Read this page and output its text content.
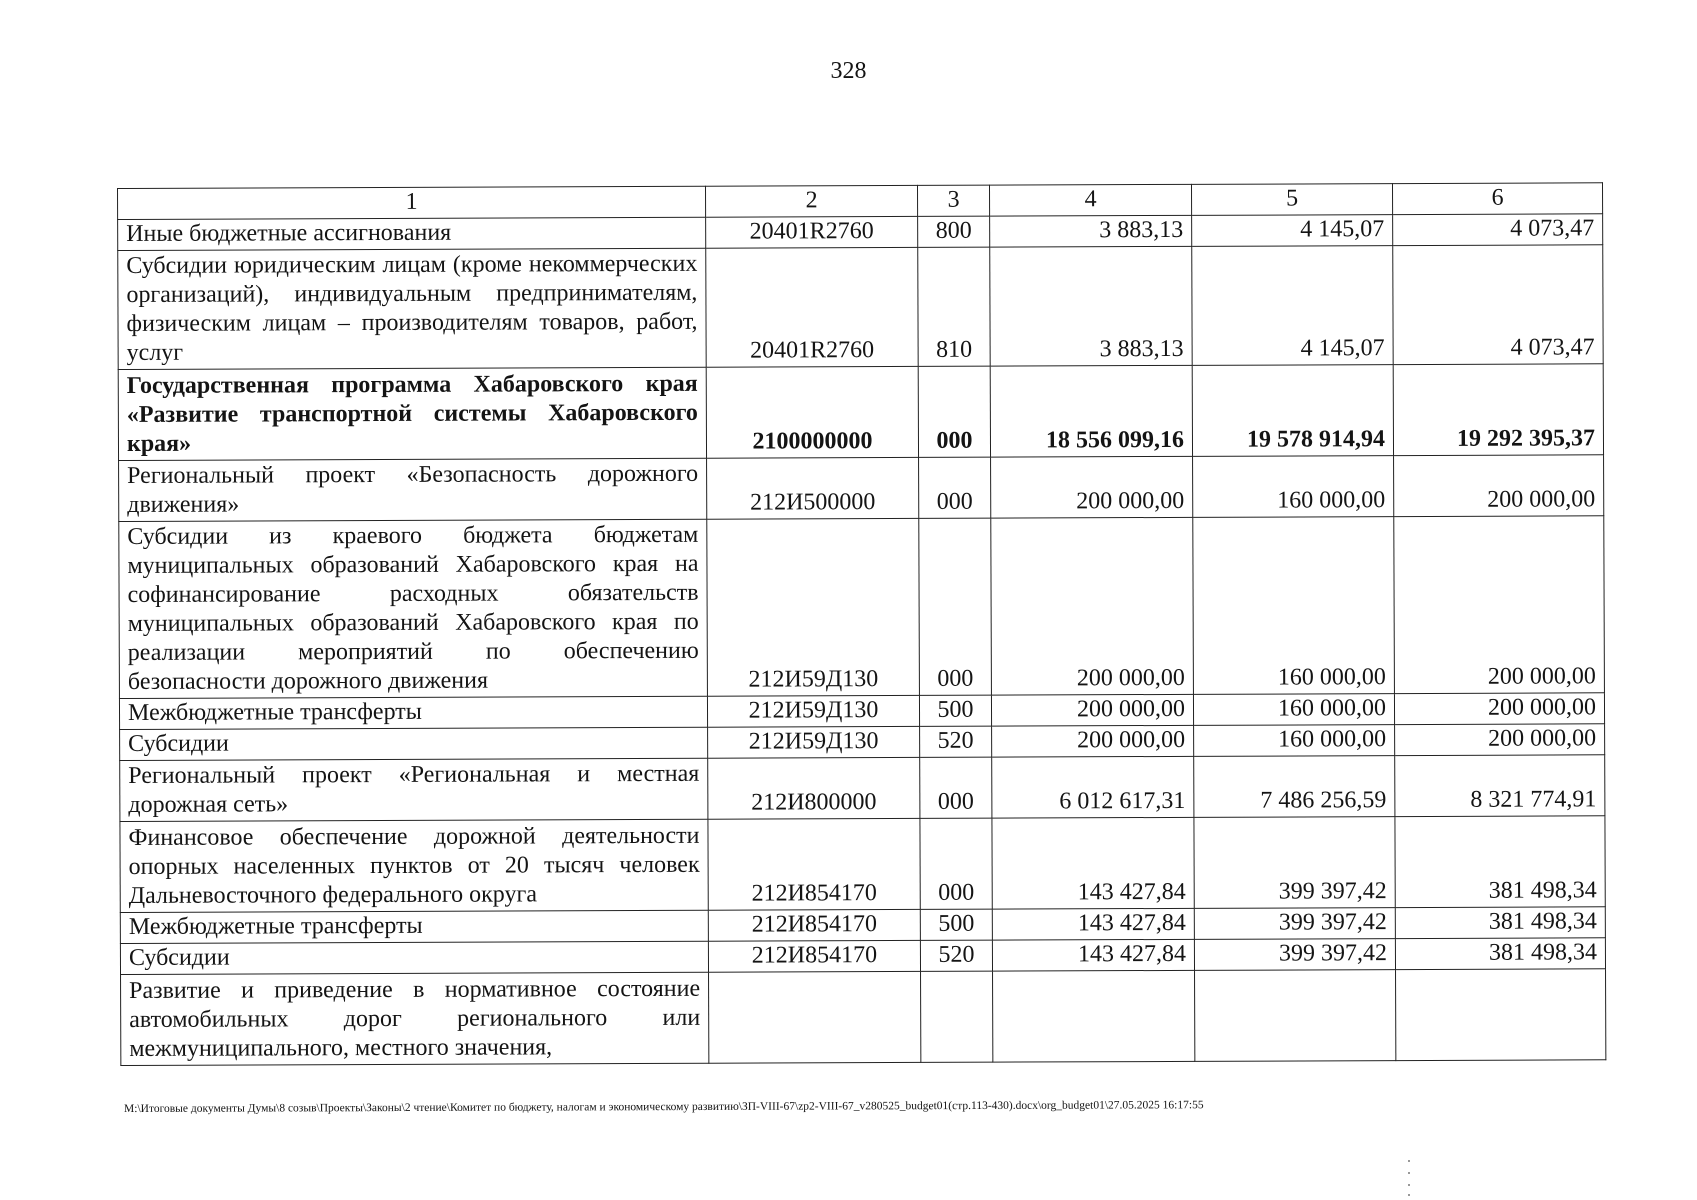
328
1	2	3	4	5	6
Иные бюджетные ассигнования	20401R2760	800	3 883,13	4 145,07	4 073,47
Субсидии юридическим лицам (кроме некоммерческих организаций), индивидуальным предпринимателям, физическим лицам – производителям товаров, работ, услуг	20401R2760	810	3 883,13	4 145,07	4 073,47
Государственная программа Хабаровского края «Развитие транспортной системы Хабаровского края»	2100000000	000	18 556 099,16	19 578 914,94	19 292 395,37
Региональный проект «Безопасность дорожного движения»	212И500000	000	200 000,00	160 000,00	200 000,00
Субсидии из краевого бюджета бюджетам муниципальных образований Хабаровского края на софинансирование расходных обязательств муниципальных образований Хабаровского края по реализации мероприятий по обеспечению безопасности дорожного движения	212И59Д130	000	200 000,00	160 000,00	200 000,00
Межбюджетные трансферты	212И59Д130	500	200 000,00	160 000,00	200 000,00
Субсидии	212И59Д130	520	200 000,00	160 000,00	200 000,00
Региональный проект «Региональная и местная дорожная сеть»	212И800000	000	6 012 617,31	7 486 256,59	8 321 774,91
Финансовое обеспечение дорожной деятельности опорных населенных пунктов от 20 тысяч человек Дальневосточного федерального округа	212И854170	000	143 427,84	399 397,42	381 498,34
Межбюджетные трансферты	212И854170	500	143 427,84	399 397,42	381 498,34
Субсидии	212И854170	520	143 427,84	399 397,42	381 498,34
Развитие и приведение в нормативное состояние автомобильных дорог регионального или межмуниципального, местного значения,					
M:\Итоговые документы Думы\8 созыв\Проекты\Законы\2 чтение\Комитет по бюджету, налогам и экономическому развитию\ЗП-VIII-67\zp2-VIII-67_v280525_budget01(стр.113-430).docx\org_budget01\27.05.2025 16:17:55
